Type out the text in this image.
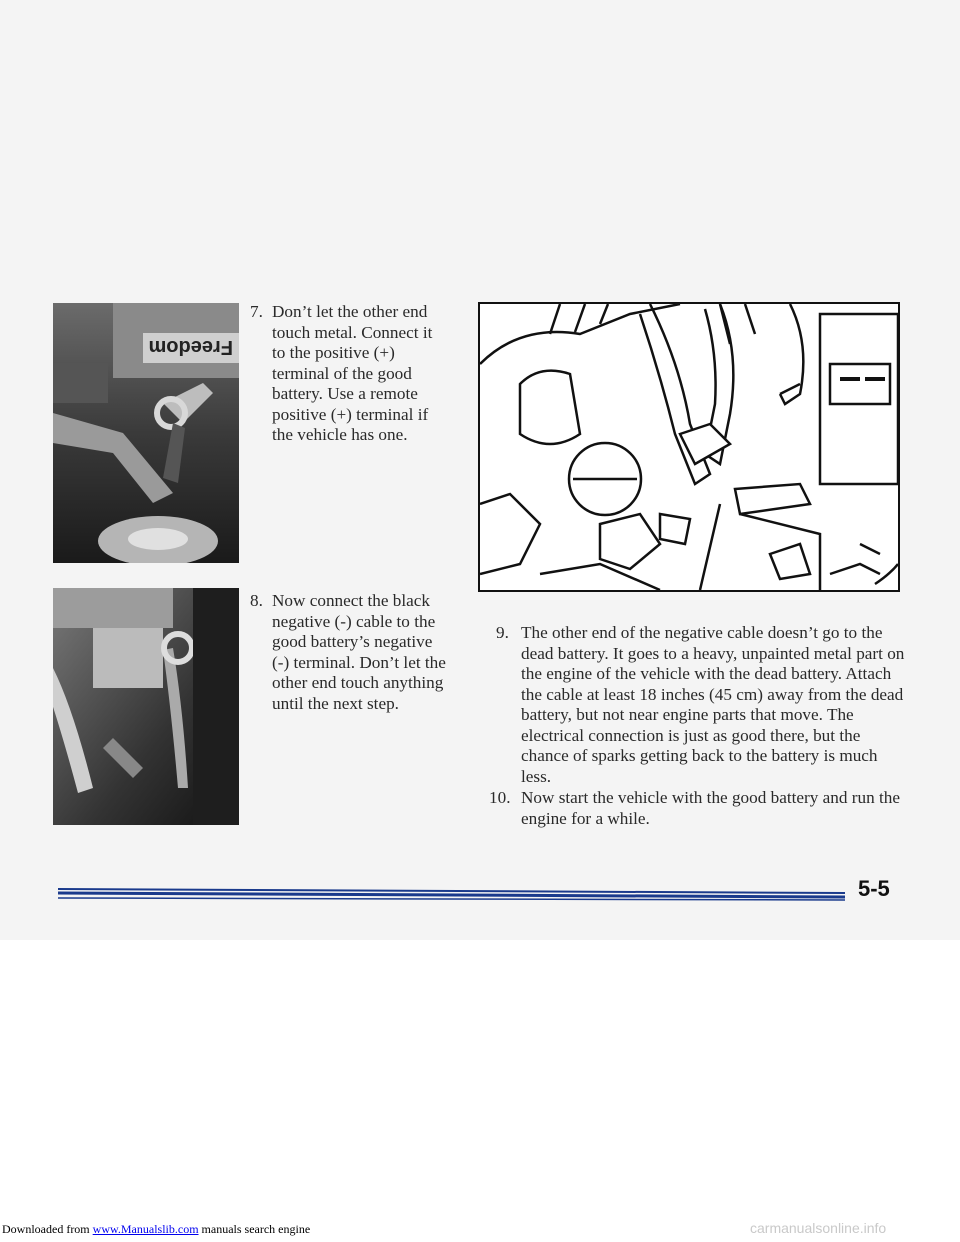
Freedom
7. Don’t let the other end touch metal. Connect it to the positive (+) terminal of the good battery. Use a remote positive (+) terminal if the vehicle has one.
8. Now connect the black negative (-) cable to the good battery’s negative (-) terminal. Don’t let the other end touch anything until the next step.
9. The other end of the negative cable doesn’t go to the dead battery. It goes to a heavy, unpainted metal part on the engine of the vehicle with the dead battery. Attach the cable at least 18 inches (45 cm) away from the dead battery, but not near engine parts that move. The electrical connection is just as good there, but the chance of sparks getting back to the battery is much less.
10. Now start the vehicle with the good battery and run the engine for a while.
5-5
Downloaded from www.Manualslib.com manuals search engine	carmanualsonline.info
